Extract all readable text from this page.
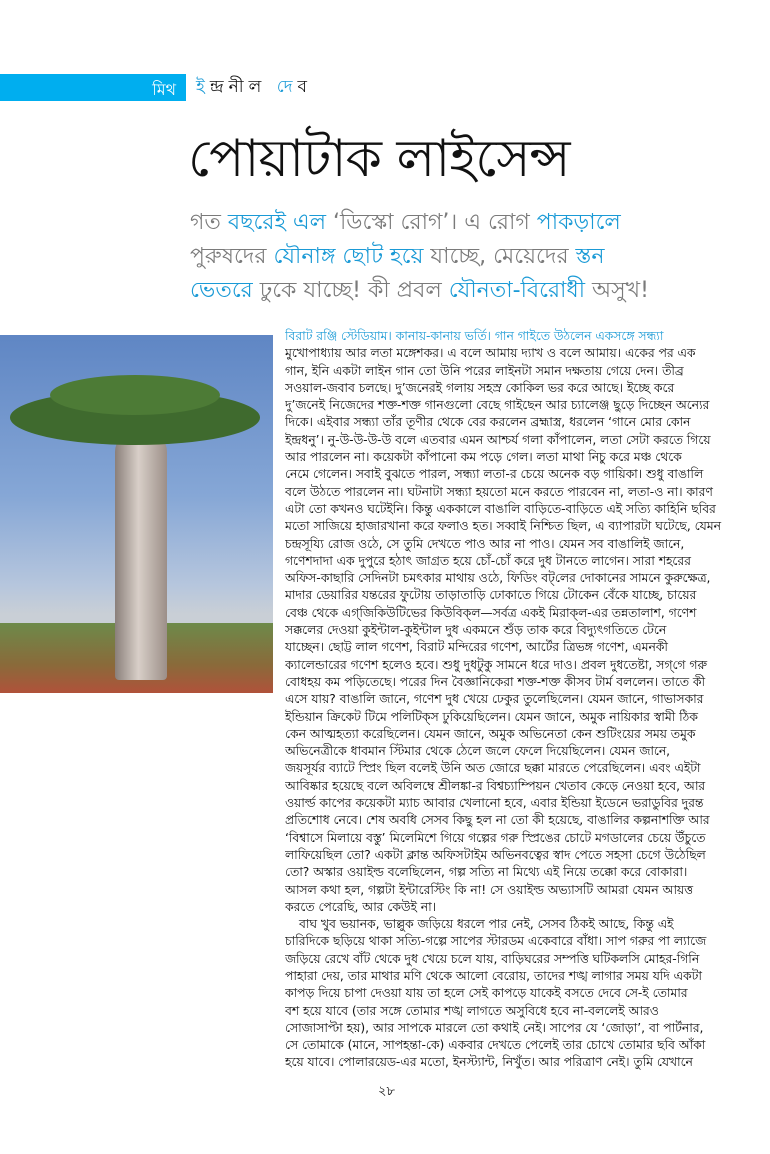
মিথ ইন্দ্রনীল দেব
পোয়াটাক লাইসেন্স
গত বছরেই এল ‘ডিস্কো রোগ’। এ রোগ পাকড়ালে
পুরুষদের যৌনাঙ্গ ছোট হয়ে যাচ্ছে, মেয়েদের স্তন
ভেতরে ঢুকে যাচ্ছে! কী প্রবল যৌনতা-বিরোধী অসুখ!
বিরাট রঞ্জি স্টেডিয়াম। কানায়-কানায় ভর্তি। গান গাইতে উঠলেন একসঙ্গে সন্ধ্যা
মুখোপাধ্যায় আর লতা মঙ্গেশকর। এ বলে আমায় দ্যাখ ও বলে আমায়। একের পর এক
গান, ইনি একটা লাইন গান তো উনি পরের লাইনটা সমান দক্ষতায় গেয়ে দেন। তীব্র
সওয়াল-জবাব চলছে। দু’জনেরই গলায় সহস্র কোকিল ভর করে আছে। ইচ্ছে করে
দু’জনেই নিজেদের শক্ত-শক্ত গানগুলো বেছে গাইছেন আর চ্যালেঞ্জ ছুড়ে দিচ্ছেন অন্যের
দিকে। এইবার সন্ধ্যা তাঁর তূণীর থেকে বের করলেন ব্রহ্মাস্ত্র, ধরলেন ‘গানে মোর কোন
ইন্দ্রধনু’। নু-উ-উ-উ-উ বলে এতবার এমন আশ্চর্য গলা কাঁপালেন, লতা সেটা করতে গিয়ে
আর পারলেন না। কয়েকটা কাঁপানো কম পড়ে গেল। লতা মাথা নিচু করে মঞ্চ থেকে
নেমে গেলেন। সবাই বুঝতে পারল, সন্ধ্যা লতা-র চেয়ে অনেক বড় গায়িকা। শুধু বাঙালি
বলে উঠতে পারলেন না। ঘটনাটা সন্ধ্যা হয়তো মনে করতে পারবেন না, লতা-ও না। কারণ
এটা তো কখনও ঘটেইনি। কিন্তু এককালে বাঙালি বাড়িতে-বাড়িতে এই সত্যি কাহিনি ছবির
মতো সাজিয়ে হাজারখানা করে ফলাও হত। সব্বাই নিশ্চিত ছিল, এ ব্যাপারটা ঘটেছে, যেমন
চন্দ্রসূয্যি রোজ ওঠে, সে তুমি দেখতে পাও আর না পাও। যেমন সব বাঙালিই জানে,
গণেশদাদা এক দুপুরে হঠাৎ জাগ্রত হয়ে চোঁ-চোঁ করে দুধ টানতে লাগেন। সারা শহরের
অফিস-কাছারি সেদিনটা চমৎকার মাথায় ওঠে, ফিডিং বট্‌লের দোকানের সামনে কুরুক্ষেত্র,
মাদার ডেয়ারির যন্তরের ফুটোয় তাড়াতাড়ি ঢোকাতে গিয়ে টোকেন বেঁকে যাচ্ছে, চায়ের
বেঞ্চ থেকে এগ্‌জিকিউটিভের কিউবিক্‌ল—সর্বত্র একই মিরাক্‌ল-এর তন্নতালাশ, গণেশ
সক্কলের দেওয়া কুইন্টাল-কুইন্টাল দুধ একমনে শুঁড় তাক করে বিদ্যুৎগতিতে টেনে
যাচ্ছেন। ছোট্ট লাল গণেশ, বিরাট মন্দিরের গণেশ, আর্টের ত্রিভঙ্গ গণেশ, এমনকী
ক্যালেন্ডারের গণেশ হলেও হবে। শুধু দুধটুকু সামনে ধরে দাও। প্রবল দুধতেষ্টা, সগ্‌গে গরু
বোধহয় কম পড়িতেছে। পরের দিন বৈজ্ঞানিকেরা শক্ত-শক্ত কীসব টার্ম বললেন। তাতে কী
এসে যায়? বাঙালি জানে, গণেশ দুধ খেয়ে ঢেকুর তুলেছিলেন। যেমন জানে, গাভাসকার
ইন্ডিয়ান ক্রিকেট টিমে পলিটিক্‌স ঢুকিয়েছিলেন। যেমন জানে, অমুক নায়িকার স্বামী ঠিক
কেন আত্মহত্যা করেছিলেন। যেমন জানে, অমুক অভিনেতা কেন শুটিংয়ের সময় তমুক
অভিনেত্রীকে ধাবমান স্টিমার থেকে ঠেলে জলে ফেলে দিয়েছিলেন। যেমন জানে,
জয়সূর্যর ব্যাটে স্প্রিং ছিল বলেই উনি অত জোরে ছক্কা মারতে পেরেছিলেন। এবং এইটা
আবিষ্কার হয়েছে বলে অবিলম্বে শ্রীলঙ্কা-র বিশ্বচ্যাম্পিয়ন খেতাব কেড়ে নেওয়া হবে, আর
ওয়ার্ল্ড কাপের কয়েকটা ম্যাচ আবার খেলানো হবে, এবার ইন্ডিয়া ইডেনে ভরাডুবির দুরন্ত
প্রতিশোধ নেবে। শেষ অবধি সেসব কিছু হল না তো কী হয়েছে, বাঙালির কল্পনাশক্তি আর
‘বিশ্বাসে মিলায়ে বস্তু’ মিলেমিশে গিয়ে গল্পের গরু স্প্রিঙের চোটে মগডালের চেয়ে উঁচুতে
লাফিয়েছিল তো? একটা ক্লান্ত অফিসটাইম অভিনবত্বের স্বাদ পেতে সহসা চেগে উঠেছিল
তো? অস্কার ওয়াইল্ড বলেছিলেন, গল্প সত্যি না মিথ্যে এই নিয়ে তক্কো করে বোকারা।
আসল কথা হল, গল্পটা ইন্টারেস্টিং কি না! সে ওয়াইল্ড অভ্যাসটি আমরা যেমন আয়ত্ত
করতে পেরেছি, আর কেউই না।
বাঘ খুব ভয়ানক, ভাল্লুক জড়িয়ে ধরলে পার নেই, সেসব ঠিকই আছে, কিন্তু এই
চারিদিকে ছড়িয়ে থাকা সত্যি-গল্পে সাপের স্টারডম একেবারে বাঁধা। সাপ গরুর পা ল্যাজে
জড়িয়ে রেখে বাঁট থেকে দুধ খেয়ে চলে যায়, বাড়িঘরের সম্পত্তি ঘটিকলসি মোহর-গিনি
পাহারা দেয়, তার মাথার মণি থেকে আলো বেরোয়, তাদের শঙ্খ লাগার সময় যদি একটা
কাপড় দিয়ে চাপা দেওয়া যায় তা হলে সেই কাপড়ে যাকেই বসতে দেবে সে-ই তোমার
বশ হয়ে যাবে (তার সঙ্গে তোমার শঙ্খ লাগতে অসুবিধে হবে না-বললেই আরও
সোজাসাপ্টা হয়), আর সাপকে মারলে তো কথাই নেই। সাপের যে ‘জোড়া’, বা পার্টনার,
সে তোমাকে (মানে, সাপহন্তা-কে) একবার দেখতে পেলেই তার চোখে তোমার ছবি আঁকা
হয়ে যাবে। পোলারয়েড-এর মতো, ইনস্ট্যান্ট, নিখুঁত। আর পরিত্রাণ নেই। তুমি যেখানে
২৮
